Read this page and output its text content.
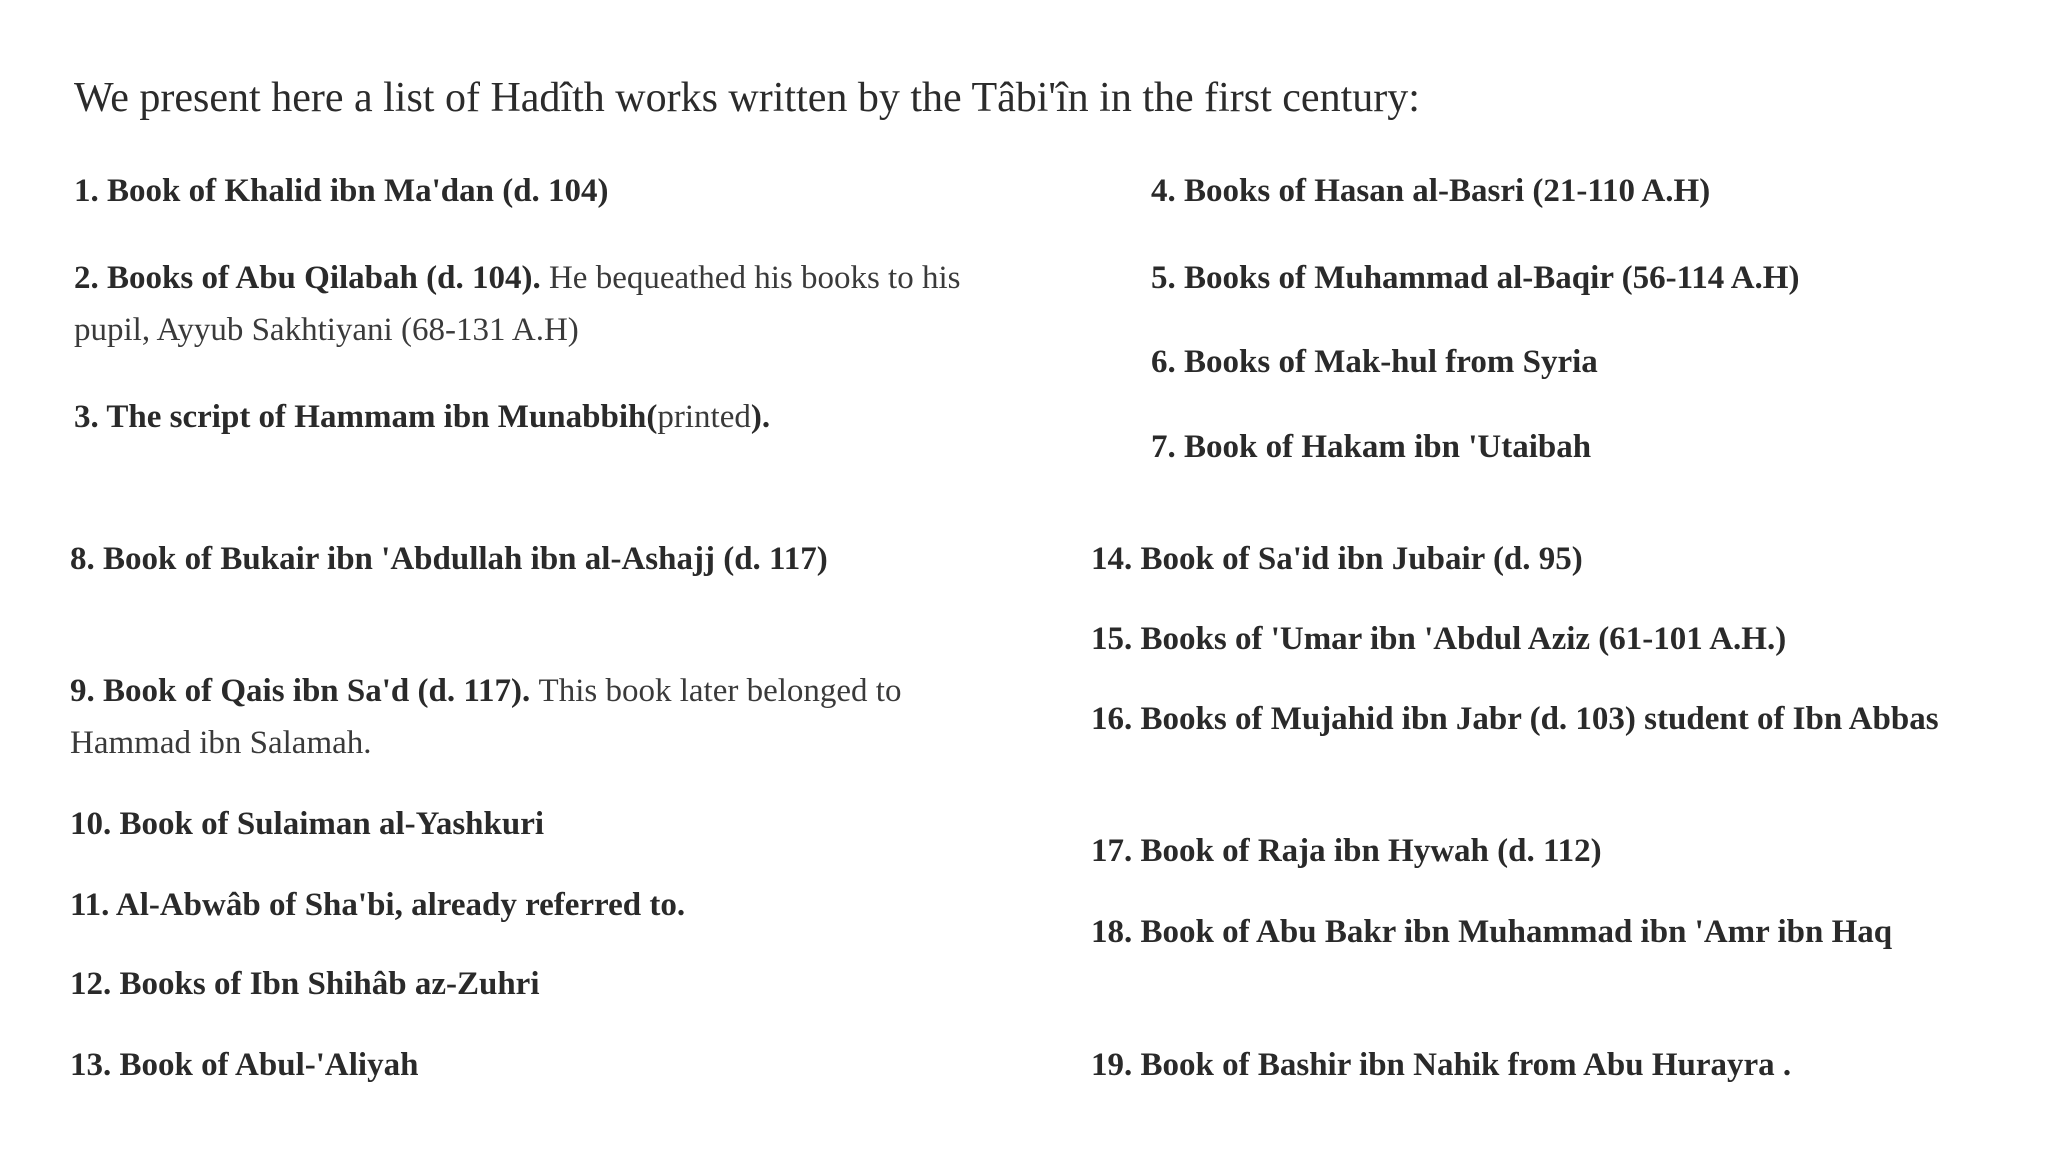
We present here a list of Hadîth works written by the Tâbi'în in the first century:
1. Book of Khalid ibn Ma'dan (d. 104)
2. Books of Abu Qilabah (d. 104). He bequeathed his books to his pupil, Ayyub Sakhtiyani (68-131 A.H)
3. The script of Hammam ibn Munabbih(printed).
4. Books of Hasan al-Basri (21-110 A.H)
5. Books of Muhammad al-Baqir (56-114 A.H)
6. Books of Mak-hul from Syria
7. Book of Hakam ibn 'Utaibah
8. Book of Bukair ibn 'Abdullah ibn al-Ashajj (d. 117)
9. Book of Qais ibn Sa'd (d. 117). This book later belonged to Hammad ibn Salamah.
10. Book of Sulaiman al-Yashkuri
11. Al-Abwâb of Sha'bi, already referred to.
12. Books of Ibn Shihâb az-Zuhri
13. Book of Abul-'Aliyah
14. Book of Sa'id ibn Jubair (d. 95)
15. Books of 'Umar ibn 'Abdul Aziz (61-101 A.H.)
16. Books of Mujahid ibn Jabr (d. 103) student of Ibn Abbas
17. Book of Raja ibn Hywah (d. 112)
18. Book of Abu Bakr ibn Muhammad ibn 'Amr ibn Haq
19. Book of Bashir ibn Nahik from Abu Hurayra .
